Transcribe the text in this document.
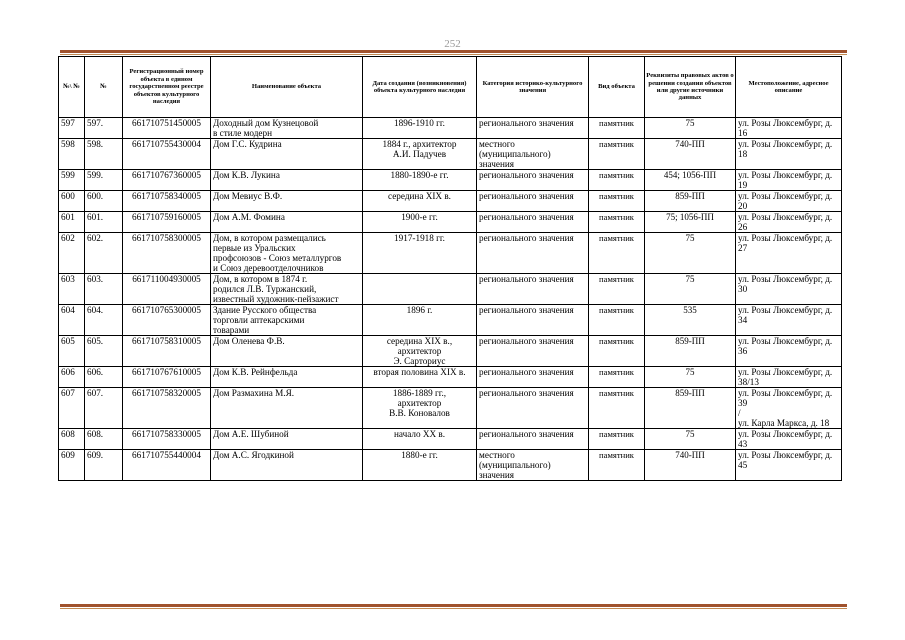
252
№\ №	№	Регистрационный номер объекта в едином государственном реестре объектов культурного наследия	Наименование объекта	Дата создания (возникновения) объекта культурного наследия	Категория историко-культурного значения	Вид объекта	Реквизиты правовых актов о решении создания объектов или другие источники данных	Местоположение, адресное описание
597	597.	661710751450005	Доходный дом Кузнецовой
в стиле модерн	1896-1910 гг.	регионального значения	памятник	75	ул. Розы Люксембург, д. 16
598	598.	661710755430004	Дом Г.С. Кудрина	1884 г., архитектор
А.И. Падучев	местного (муниципального) значения	памятник	740-ПП	ул. Розы Люксембург, д. 18
599	599.	661710767360005	Дом К.В. Лукина	1880-1890-е гг.	регионального значения	памятник	454; 1056-ПП	ул. Розы Люксембург, д. 19
600	600.	661710758340005	Дом Мевиус В.Ф.	середина XIX в.	регионального значения	памятник	859-ПП	ул. Розы Люксембург, д. 20
601	601.	661710759160005	Дом А.М. Фомина	1900-е гг.	регионального значения	памятник	75; 1056-ПП	ул. Розы Люксембург, д. 26
602	602.	661710758300005	Дом, в котором размещались
первые из Уральских
профсоюзов - Союз металлургов
и Союз деревоотделочников	1917-1918 гг.	регионального значения	памятник	75	ул. Розы Люксембург, д. 27
603	603.	661711004930005	Дом, в котором в 1874 г.
родился Л.В. Туржанский,
известный художник-пейзажист		регионального значения	памятник	75	ул. Розы Люксембург, д. 30
604	604.	661710765300005	Здание Русского общества
торговли аптекарскими
товарами	1896 г.	регионального значения	памятник	535	ул. Розы Люксембург, д. 34
605	605.	661710758310005	Дом Оленева Ф.В.	середина XIX в.,
архитектор
Э. Сарториус	регионального значения	памятник	859-ПП	ул. Розы Люксембург, д. 36
606	606.	661710767610005	Дом К.В. Рейнфельда	вторая половина XIX в.	регионального значения	памятник	75	ул. Розы Люксембург, д.
38/13
607	607.	661710758320005	Дом Размахина М.Я.	1886-1889 гг.,
архитектор
В.В. Коновалов	регионального значения	памятник	859-ПП	ул. Розы Люксембург, д. 39
/
ул. Карла Маркса, д. 18
608	608.	661710758330005	Дом А.Е. Шубиной	начало XX в.	регионального значения	памятник	75	ул. Розы Люксембург, д. 43
609	609.	661710755440004	Дом А.С. Ягодкиной	1880-е гг.	местного (муниципального) значения	памятник	740-ПП	ул. Розы Люксембург, д. 45
